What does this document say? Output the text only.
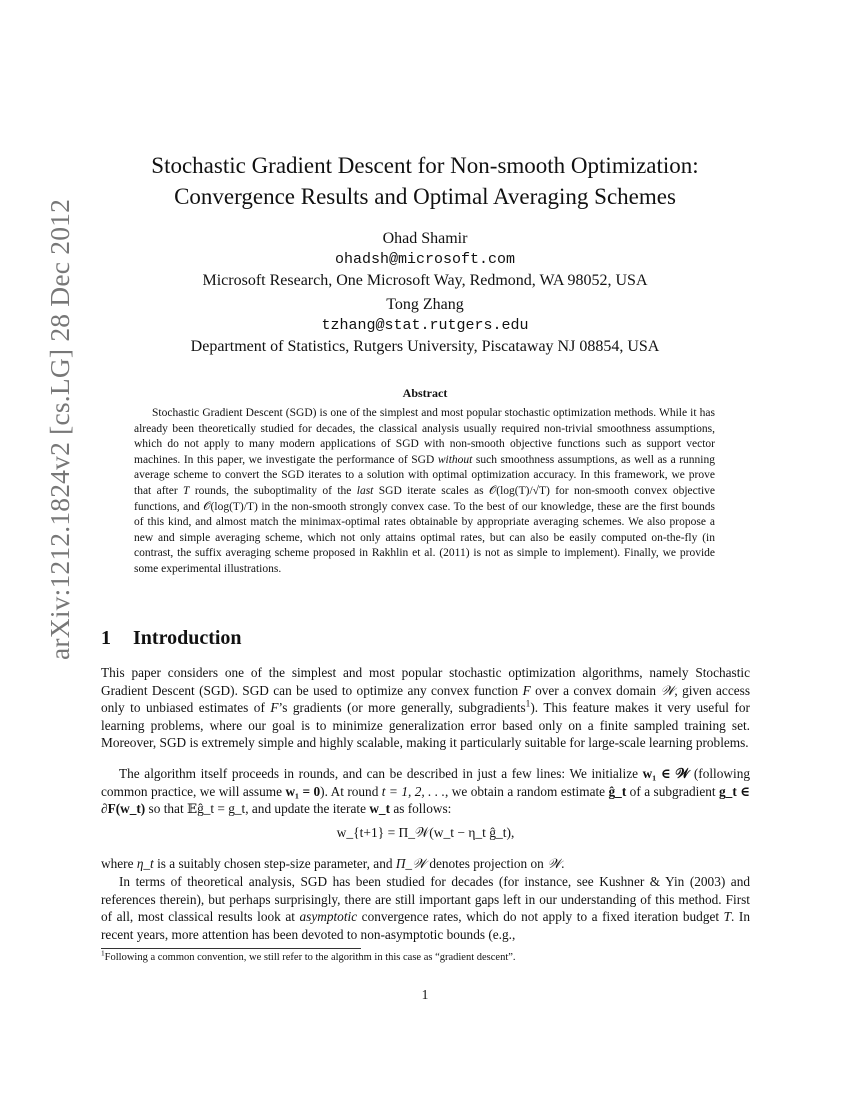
arXiv:1212.1824v2 [cs.LG] 28 Dec 2012
Stochastic Gradient Descent for Non-smooth Optimization:
Convergence Results and Optimal Averaging Schemes
Ohad Shamir
ohadsh@microsoft.com
Microsoft Research, One Microsoft Way, Redmond, WA 98052, USA
Tong Zhang
tzhang@stat.rutgers.edu
Department of Statistics, Rutgers University, Piscataway NJ 08854, USA
Abstract

Stochastic Gradient Descent (SGD) is one of the simplest and most popular stochastic optimization methods. While it has already been theoretically studied for decades, the classical analysis usually required non-trivial smoothness assumptions, which do not apply to many modern applications of SGD with non-smooth objective functions such as support vector machines. In this paper, we investigate the performance of SGD without such smoothness assumptions, as well as a running average scheme to convert the SGD iterates to a solution with optimal optimization accuracy. In this framework, we prove that after T rounds, the suboptimality of the last SGD iterate scales as 𝒪(log(T)/√T) for non-smooth convex objective functions, and 𝒪(log(T)/T) in the non-smooth strongly convex case. To the best of our knowledge, these are the first bounds of this kind, and almost match the minimax-optimal rates obtainable by appropriate averaging schemes. We also propose a new and simple averaging scheme, which not only attains optimal rates, but can also be easily computed on-the-fly (in contrast, the suffix averaging scheme proposed in Rakhlin et al. (2011) is not as simple to implement). Finally, we provide some experimental illustrations.

1 Introduction

This paper considers one of the simplest and most popular stochastic optimization algorithms, namely Stochastic Gradient Descent (SGD). SGD can be used to optimize any convex function F over a convex domain 𝒲, given access only to unbiased estimates of F’s gradients (or more generally, subgradients$^1$). This feature makes it very useful for learning problems, where our goal is to minimize generalization error based only on a finite sampled training set. Moreover, SGD is extremely simple and highly scalable, making it particularly suitable for large-scale learning problems.

The algorithm itself proceeds in rounds, and can be described in just a few lines: We initialize w₁ ∈ 𝒲 (following common practice, we will assume w₁ = 0). At round t = 1, 2, . . ., we obtain a random estimate ĝ_t of a subgradient g_t ∈ ∂F(w_t) so that 𝔼ĝ_t = g_t, and update the iterate w_t as follows:

w_{t+1} = Π_𝒲(w_t − η_t ĝ_t),

where η_t is a suitably chosen step-size parameter, and Π_𝒲 denotes projection on 𝒲.

In terms of theoretical analysis, SGD has been studied for decades (for instance, see Kushner & Yin (2003) and references therein), but perhaps surprisingly, there are still important gaps left in our understanding of this method. First of all, most classical results look at asymptotic convergence rates, which do not apply to a fixed iteration budget T. In recent years, more attention has been devoted to non-asymptotic bounds (e.g.,

$^1$Following a common convention, we still refer to the algorithm in this case as “gradient descent”.
1
